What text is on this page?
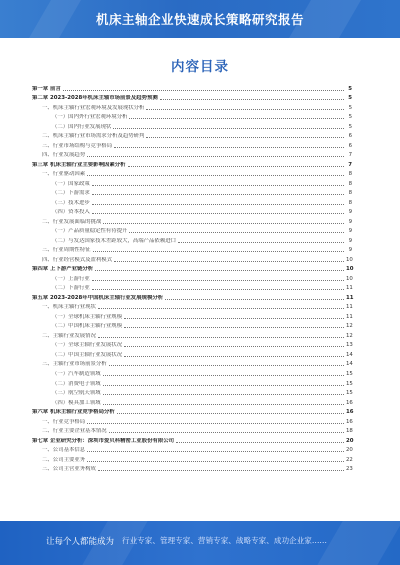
机床主轴企业快速成长策略研究报告
内容目录
第一章 前言	5
第二章 2023-2028年机床主轴市场前景及趋势预测	5
一、机床主轴行业宏观环境及发展现状分析	5
（一）国内外行业宏观环境分析	5
（二）国内行业发展现状	5
二、机床主轴行业市场需求分析及趋势研判	6
三、行业市场结构与竞争格局	6
四、行业发展趋势	7
第三章 机床主轴行业主要影响因素分析	7
一、行业驱动因素	8
（一）国家政策	8
（二）下游需求	8
（三）技术进步	8
（四）资本投入	9
二、行业发展面临的挑战	9
（一）产品质量稳定性有待提升	9
（二）与发达国家技术差距较大，高端产品依赖进口	9
三、行业周期性特征	9
四、行业经营模式及盈利模式	10
第四章 上下游产业链分析	10
（一）上游行业	10
（二）下游行业	11
第五章 2023-2028年中国机床主轴行业发展规模分析	11
一、机床主轴行业现状	11
（一）全球机床主轴行业规模	11
（二）中国机床主轴行业规模	12
二、主轴行业发展情况	12
（一）全球主轴行业发展状况	13
（二）中国主轴行业发展状况	14
三、主轴行业市场前景分析	14
（一）汽车制造领域	15
（二）消费电子领域	15
（三）航空航天领域	15
（四）模具加工领域	16
第六章 机床主轴行业竞争格局分析	16
一、行业竞争格局	16
二、行业主要企业基本情况	18
第七章 企业研究分析：深圳市爱贝科精密工业股份有限公司	20
一、公司基本信息	20
二、公司主要业务	22
三、公司主营业务构成	23
让每个人都能成为 行业专家、管理专家、营销专家、战略专家、成功企业家……
